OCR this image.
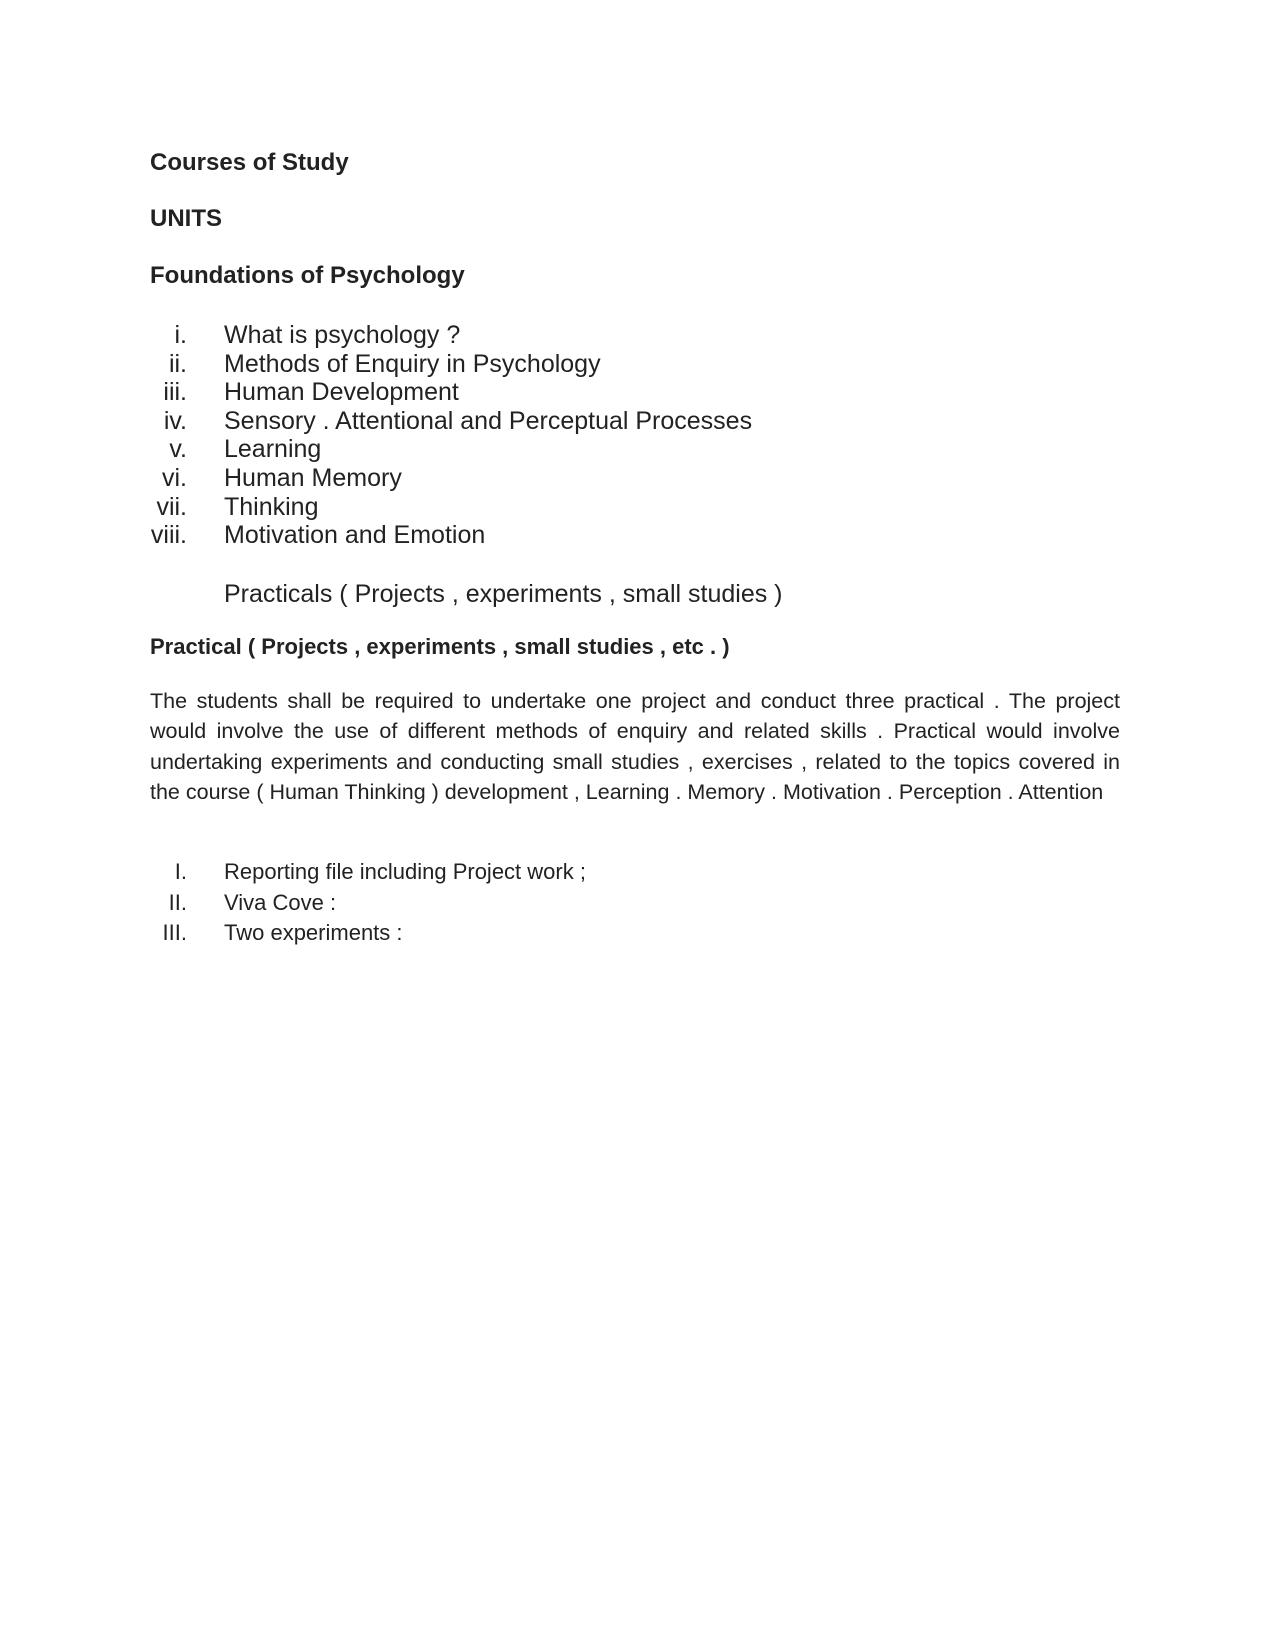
Courses of Study
UNITS
Foundations of Psychology
i. What is psychology ?
ii. Methods of Enquiry in Psychology
iii. Human Development
iv. Sensory . Attentional and Perceptual Processes
v. Learning
vi. Human Memory
vii. Thinking
viii. Motivation and Emotion

Practicals ( Projects , experiments , small studies )

Practical ( Projects , experiments , small studies , etc . )

The students shall be required to undertake one project and conduct three practical . The project would involve the use of different methods of enquiry and related skills . Practical would involve undertaking experiments and conducting small studies , exercises , related to the topics covered in the course ( Human Thinking ) development , Learning . Memory . Motivation . Perception . Attention

I. Reporting file including Project work ;
II. Viva Cove :
III. Two experiments :
